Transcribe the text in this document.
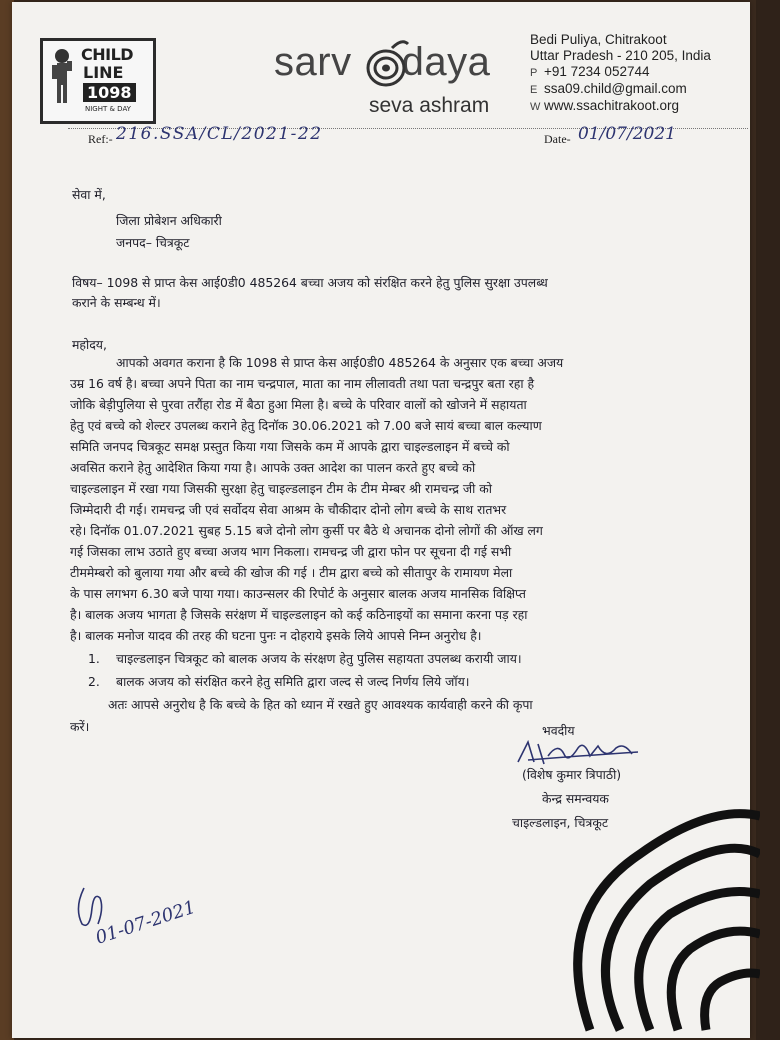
CHILD
LINE
1098
NIGHT & DAY
sarv daya
seva ashram
Bedi Puliya, Chitrakoot
Uttar Pradesh - 210 205, India
P +91 7234 052744
E ssa09.child@gmail.com
W www.ssachitrakoot.org
Ref:- 216.SSA/CL/2021-22	Date- 01/07/2021
सेवा में,
जिला प्रोबेशन अधिकारी
जनपद– चित्रकूट
विषय– 1098 से प्राप्त केस आई0डी0 485264 बच्चा अजय को संरक्षित करने हेतु पुलिस सुरक्षा उपलब्ध
कराने के सम्बन्ध में।
महोदय,
आपको अवगत कराना है कि 1098 से प्राप्त केस आई0डी0 485264 के अनुसार एक बच्चा अजय
उम्र 16 वर्ष है। बच्चा अपने पिता का नाम चन्द्रपाल, माता का नाम लीलावती तथा पता चन्द्रपुर बता रहा है
जोकि बेड़ीपुलिया से पुरवा तरौंहा रोड में बैठा हुआ मिला है। बच्चे के परिवार वालों को खोजने में सहायता
हेतु एवं बच्चे को शेल्टर उपलब्ध कराने हेतु दिनॉक 30.06.2021 को 7.00 बजे सायं बच्चा बाल कल्याण
समिति जनपद चित्रकूट समक्ष प्रस्तुत किया गया जिसके कम में आपके द्वारा चाइल्डलाइन में बच्चे को
अवसित कराने हेतु आदेशित किया गया है। आपके उक्त आदेश का पालन करते हुए बच्चे को
चाइल्डलाइन में रखा गया जिसकी सुरक्षा हेतु चाइल्डलाइन टीम के टीम मेम्बर श्री रामचन्द्र जी को
जिम्मेदारी दी गई। रामचन्द्र जी एवं सर्वोदय सेवा आश्रम के चौकीदार दोनो लोग बच्चे के साथ रातभर
रहे। दिनॉक 01.07.2021 सुबह 5.15 बजे दोनो लोग कुर्सी पर बैठे थे अचानक दोनो लोगों की ऑख लग
गई जिसका लाभ उठाते हुए बच्चा अजय भाग निकला। रामचन्द्र जी द्वारा फोन पर सूचना दी गई सभी
टीममेम्बरो को बुलाया गया और बच्चे की खोज की गई । टीम द्वारा बच्चे को सीतापुर के रामायण मेला
के पास लगभग 6.30 बजे पाया गया। काउन्सलर की रिपोर्ट के अनुसार बालक अजय मानसिक विक्षिप्त
है। बालक अजय भागता है जिसके सरंक्षण में चाइल्डलाइन को कई कठिनाइयों का समाना करना पड़ रहा
है। बालक मनोज यादव की तरह की घटना पुनः न दोहराये इसके लिये आपसे निम्न अनुरोध है।
1. चाइल्डलाइन चित्रकूट को बालक अजय के संरक्षण हेतु पुलिस सहायता उपलब्ध करायी जाय।
2. बालक अजय को संरक्षित करने हेतु समिति द्वारा जल्द से जल्द निर्णय लिये जॉय।
अतः आपसे अनुरोध है कि बच्चे के हित को ध्यान में रखते हुए आवश्यक कार्यवाही करने की कृपा
करें।	भवदीय
(विशेष कुमार त्रिपाठी)
केन्द्र समन्वयक
चाइल्डलाइन, चित्रकूट
01-07-2021
